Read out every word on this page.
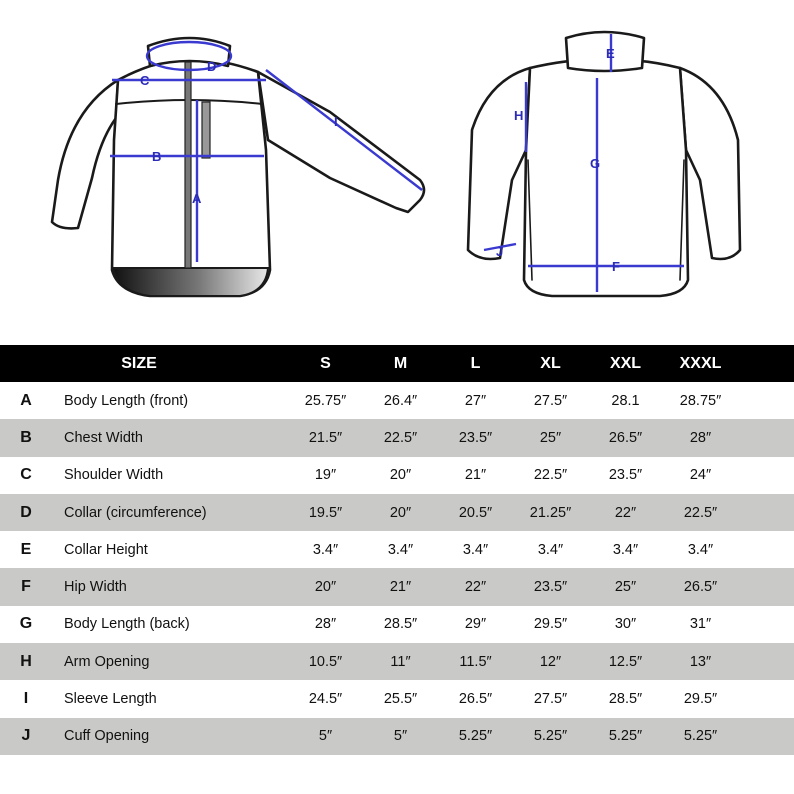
A
B
C
D
I
E
F
G
H
J
SIZE	S	M	L	XL	XXL	XXXL
A	Body Length (front)	25.75″	26.4″	27″	27.5″	28.1	28.75″
B	Chest Width	21.5″	22.5″	23.5″	25″	26.5″	28″
C	Shoulder Width	19″	20″	21″	22.5″	23.5″	24″
D	Collar (circumference)	19.5″	20″	20.5″	21.25″	22″	22.5″
E	Collar Height	3.4″	3.4″	3.4″	3.4″	3.4″	3.4″
F	Hip Width	20″	21″	22″	23.5″	25″	26.5″
G	Body Length (back)	28″	28.5″	29″	29.5″	30″	31″
H	Arm Opening	10.5″	11″	11.5″	12″	12.5″	13″
I	Sleeve Length	24.5″	25.5″	26.5″	27.5″	28.5″	29.5″
J	Cuff Opening	5″	5″	5.25″	5.25″	5.25″	5.25″
